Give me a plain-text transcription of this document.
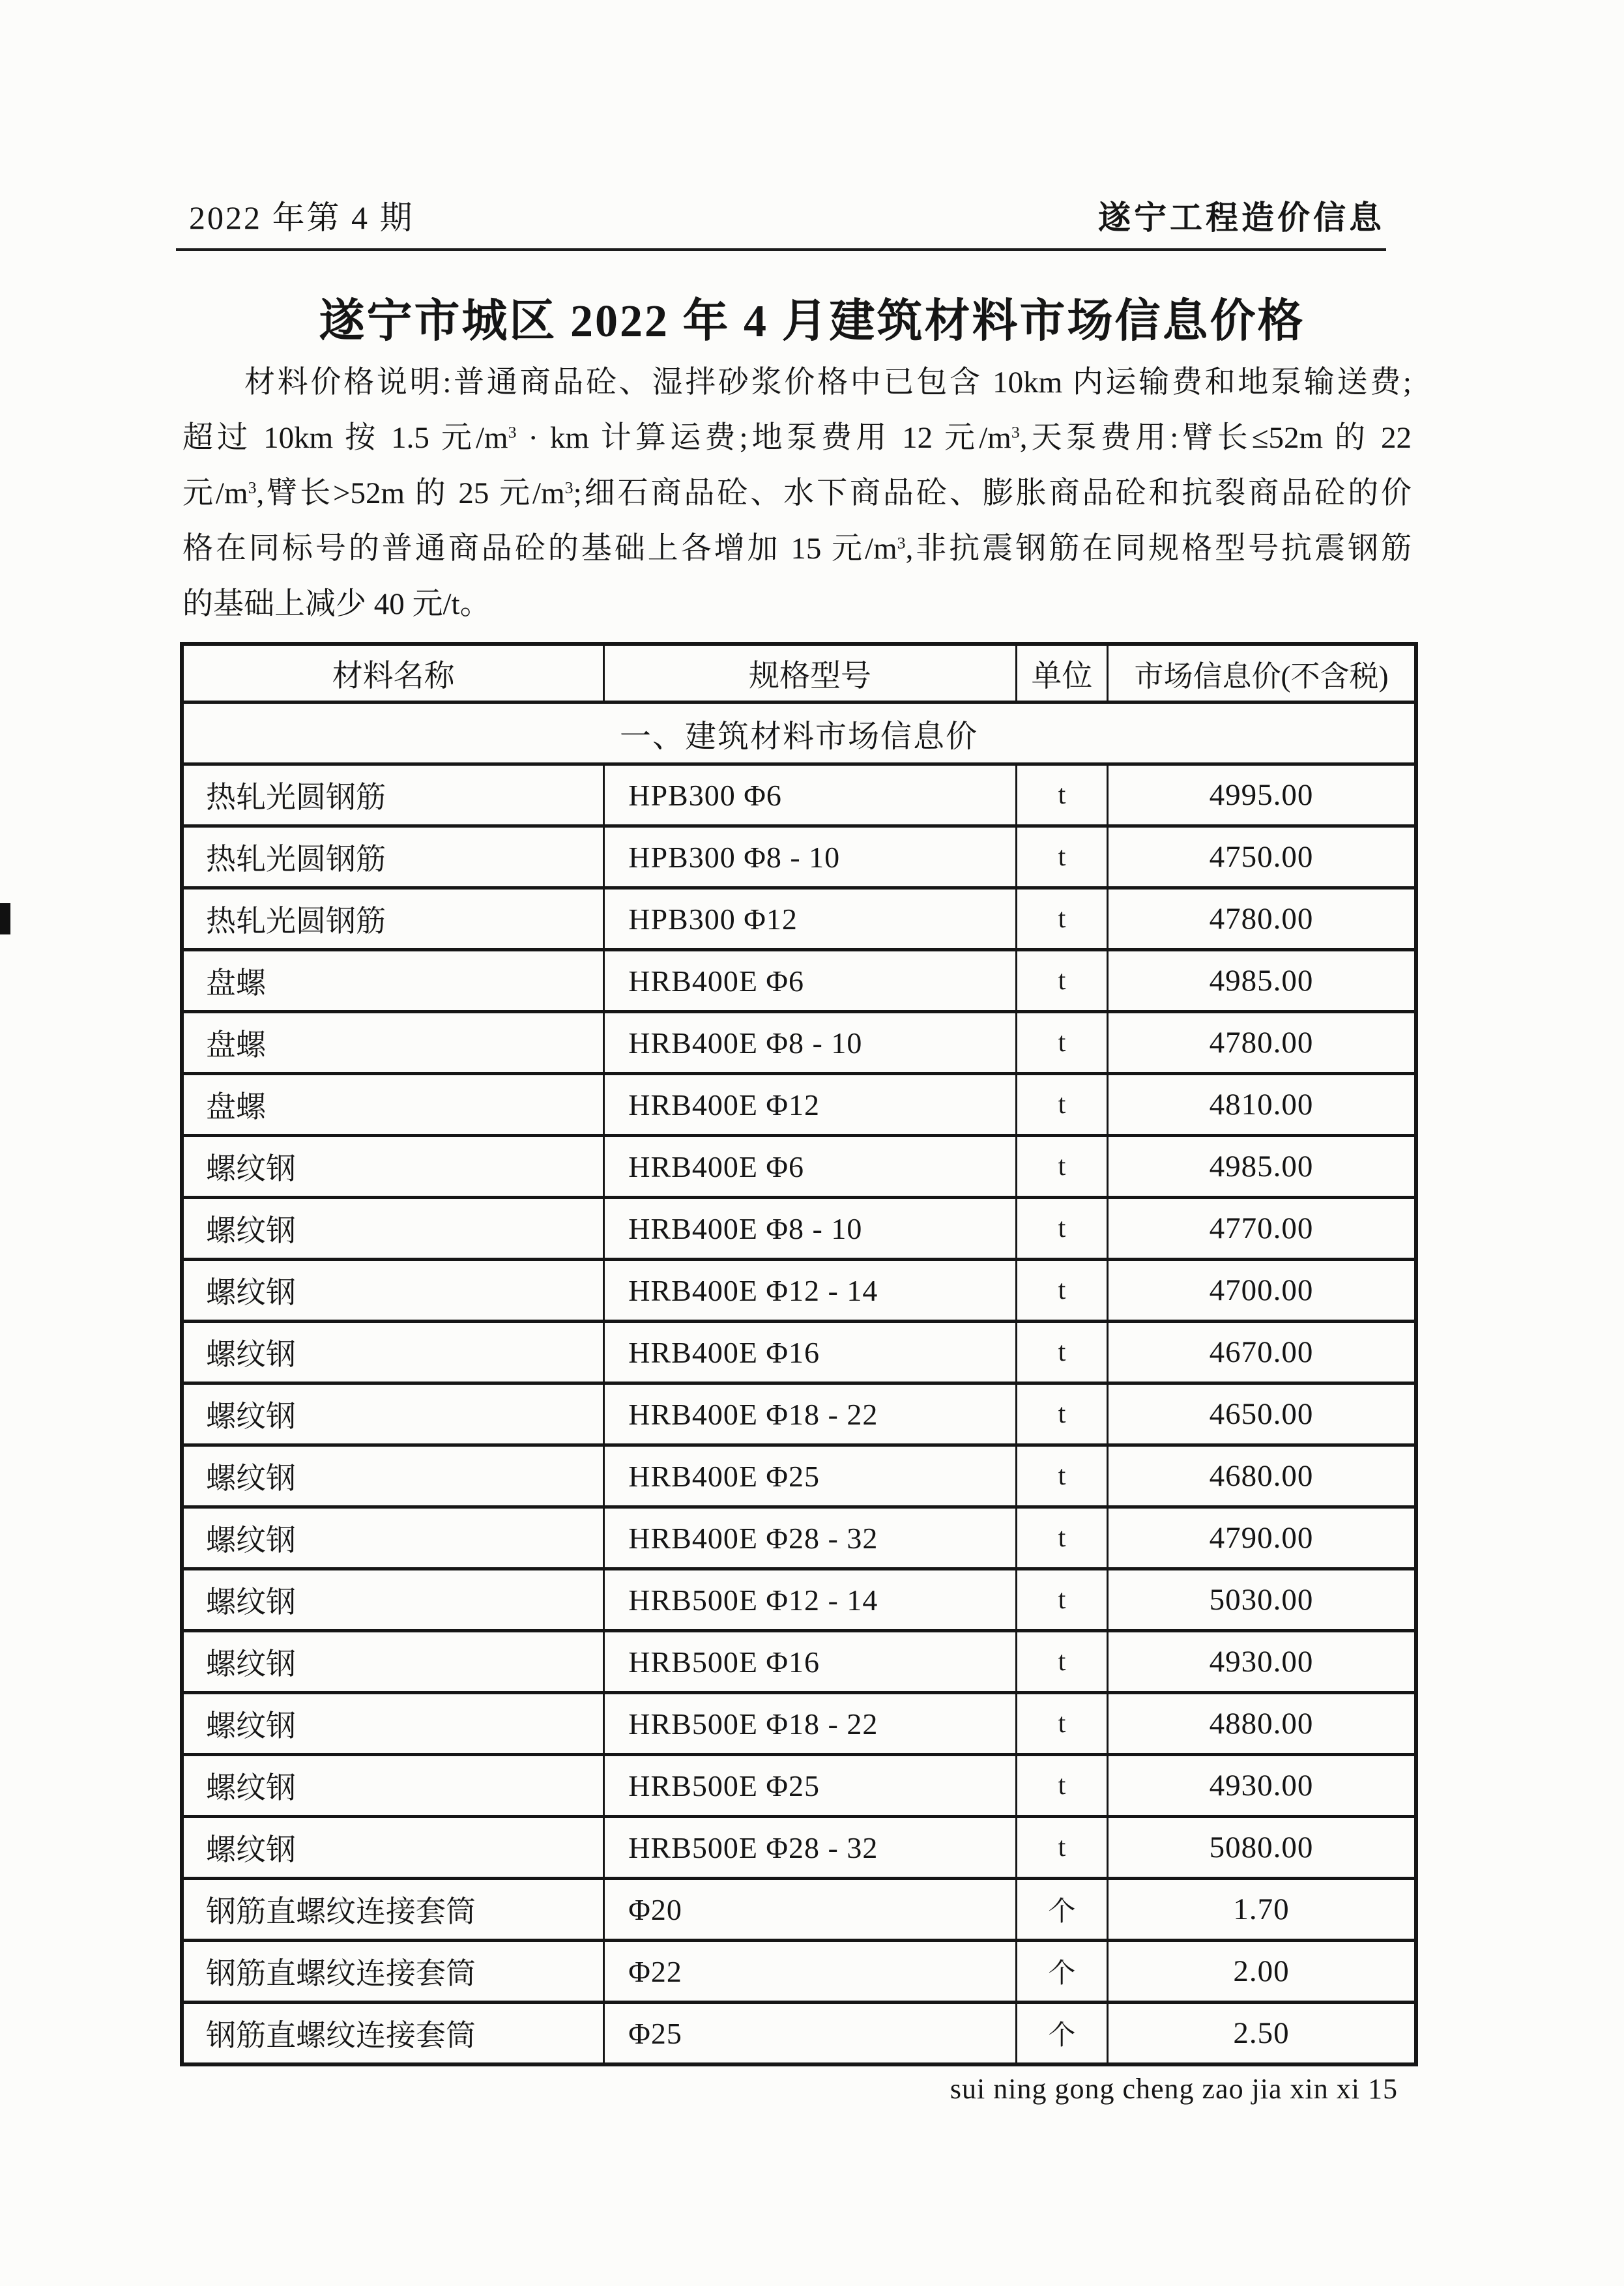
2022 年第 4 期	遂宁工程造价信息
遂宁市城区 2022 年 4 月建筑材料市场信息价格
材料价格说明:普通商品砼、湿拌砂浆价格中已包含 10km 内运输费和地泵输送费;
超过 10km 按 1.5 元$/m^3$ · km 计算运费;地泵费用 12 元$/m^3$,天泵费用:臂长≤52m 的 22
元$/m^3$,臂长>52m 的 25 元$/m^3$;细石商品砼、水下商品砼、膨胀商品砼和抗裂商品砼的价
格在同标号的普通商品砼的基础上各增加 15 元$/m^3$,非抗震钢筋在同规格型号抗震钢筋
的基础上减少 40 元/t。
材料名称	规格型号	单位	市场信息价(不含税)
一、建筑材料市场信息价			
热轧光圆钢筋	HPB300 Φ6	t	4995.00
热轧光圆钢筋	HPB300 Φ8 - 10	t	4750.00
热轧光圆钢筋	HPB300 Φ12	t	4780.00
盘螺	HRB400E Φ6	t	4985.00
盘螺	HRB400E Φ8 - 10	t	4780.00
盘螺	HRB400E Φ12	t	4810.00
螺纹钢	HRB400E Φ6	t	4985.00
螺纹钢	HRB400E Φ8 - 10	t	4770.00
螺纹钢	HRB400E Φ12 - 14	t	4700.00
螺纹钢	HRB400E Φ16	t	4670.00
螺纹钢	HRB400E Φ18 - 22	t	4650.00
螺纹钢	HRB400E Φ25	t	4680.00
螺纹钢	HRB400E Φ28 - 32	t	4790.00
螺纹钢	HRB500E Φ12 - 14	t	5030.00
螺纹钢	HRB500E Φ16	t	4930.00
螺纹钢	HRB500E Φ18 - 22	t	4880.00
螺纹钢	HRB500E Φ25	t	4930.00
螺纹钢	HRB500E Φ28 - 32	t	5080.00
钢筋直螺纹连接套筒	Φ20	个	1.70
钢筋直螺纹连接套筒	Φ22	个	2.00
钢筋直螺纹连接套筒	Φ25	个	2.50
sui ning gong cheng zao jia xin xi 15
